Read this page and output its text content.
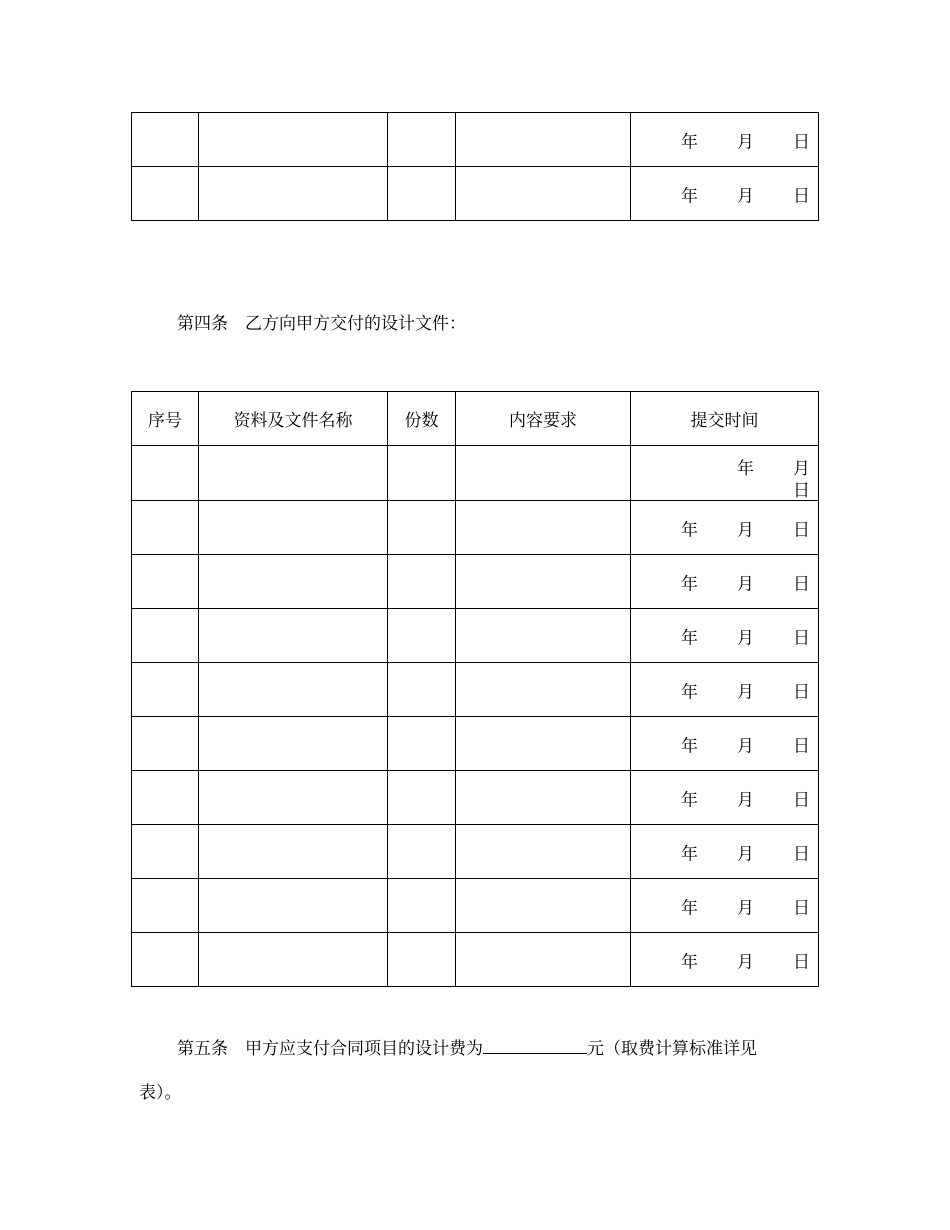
				年 月 日

				年 月 日
第四条　乙方向甲方交付的设计文件：
序号	资料及文件名称	份数	内容要求	提交时间

				年 月
日

				年 月 日

				年 月 日

				年 月 日

				年 月 日

				年 月 日

				年 月 日

				年 月 日

				年 月 日

				年 月 日
第五条　甲方应支付合同项目的设计费为	元（取费计算标准详见
表）。
